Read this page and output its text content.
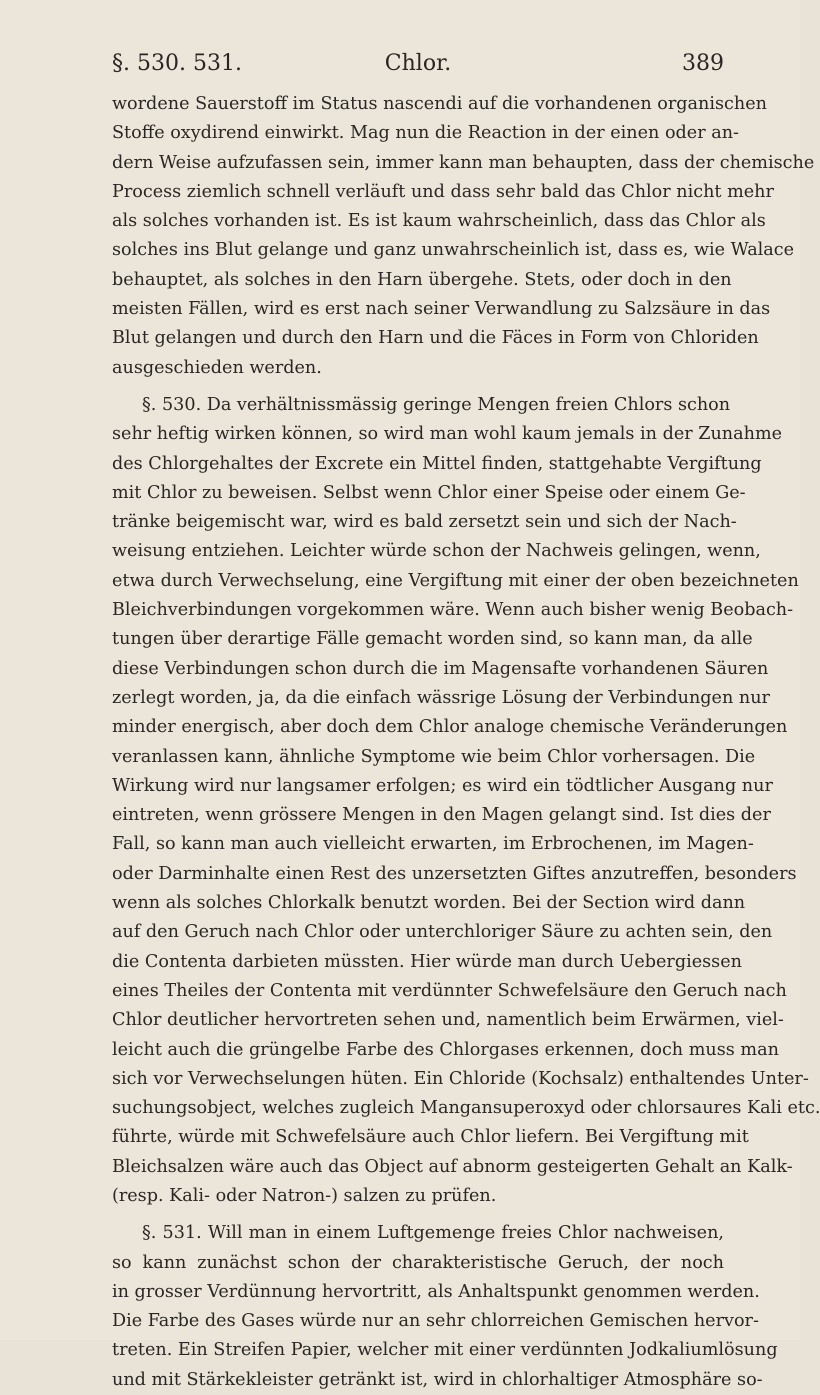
§. 530. 531.	Chlor.	389
wordene Sauerstoff im Status nascendi auf die vorhandenen organischen
Stoffe oxydirend einwirkt. Mag nun die Reaction in der einen oder an-
dern Weise aufzufassen sein, immer kann man behaupten, dass der chemische
Process ziemlich schnell verläuft und dass sehr bald das Chlor nicht mehr
als solches vorhanden ist. Es ist kaum wahrscheinlich, dass das Chlor als
solches ins Blut gelange und ganz unwahrscheinlich ist, dass es, wie Walace
behauptet, als solches in den Harn übergehe. Stets, oder doch in den
meisten Fällen, wird es erst nach seiner Verwandlung zu Salzsäure in das
Blut gelangen und durch den Harn und die Fäces in Form von Chloriden
ausgeschieden werden.
§. 530. Da verhältnissmässig geringe Mengen freien Chlors schon
sehr heftig wirken können, so wird man wohl kaum jemals in der Zunahme
des Chlorgehaltes der Excrete ein Mittel finden, stattgehabte Vergiftung
mit Chlor zu beweisen. Selbst wenn Chlor einer Speise oder einem Ge-
tränke beigemischt war, wird es bald zersetzt sein und sich der Nach-
weisung entziehen. Leichter würde schon der Nachweis gelingen, wenn,
etwa durch Verwechselung, eine Vergiftung mit einer der oben bezeichneten
Bleichverbindungen vorgekommen wäre. Wenn auch bisher wenig Beobach-
tungen über derartige Fälle gemacht worden sind, so kann man, da alle
diese Verbindungen schon durch die im Magensafte vorhandenen Säuren
zerlegt worden, ja, da die einfach wässrige Lösung der Verbindungen nur
minder energisch, aber doch dem Chlor analoge chemische Veränderungen
veranlassen kann, ähnliche Symptome wie beim Chlor vorhersagen. Die
Wirkung wird nur langsamer erfolgen; es wird ein tödtlicher Ausgang nur
eintreten, wenn grössere Mengen in den Magen gelangt sind. Ist dies der
Fall, so kann man auch vielleicht erwarten, im Erbrochenen, im Magen-
oder Darminhalte einen Rest des unzersetzten Giftes anzutreffen, besonders
wenn als solches Chlorkalk benutzt worden. Bei der Section wird dann
auf den Geruch nach Chlor oder unterchloriger Säure zu achten sein, den
die Contenta darbieten müssten. Hier würde man durch Uebergiessen
eines Theiles der Contenta mit verdünnter Schwefelsäure den Geruch nach
Chlor deutlicher hervortreten sehen und, namentlich beim Erwärmen, viel-
leicht auch die grüngelbe Farbe des Chlorgases erkennen, doch muss man
sich vor Verwechselungen hüten. Ein Chloride (Kochsalz) enthaltendes Unter-
suchungsobject, welches zugleich Mangansuperoxyd oder chlorsaures Kali etc.
führte, würde mit Schwefelsäure auch Chlor liefern. Bei Vergiftung mit
Bleichsalzen wäre auch das Object auf abnorm gesteigerten Gehalt an Kalk-
(resp. Kali- oder Natron-) salzen zu prüfen.
§. 531. Will man in einem Luftgemenge freies Chlor nachweisen,
so kann zunächst schon der charakteristische Geruch, der noch
in grosser Verdünnung hervortritt, als Anhaltspunkt genommen werden.
Die Farbe des Gases würde nur an sehr chlorreichen Gemischen hervor-
treten. Ein Streifen Papier, welcher mit einer verdünnten Jodkaliumlösung
und mit Stärkekleister getränkt ist, wird in chlorhaltiger Atmosphäre so-
